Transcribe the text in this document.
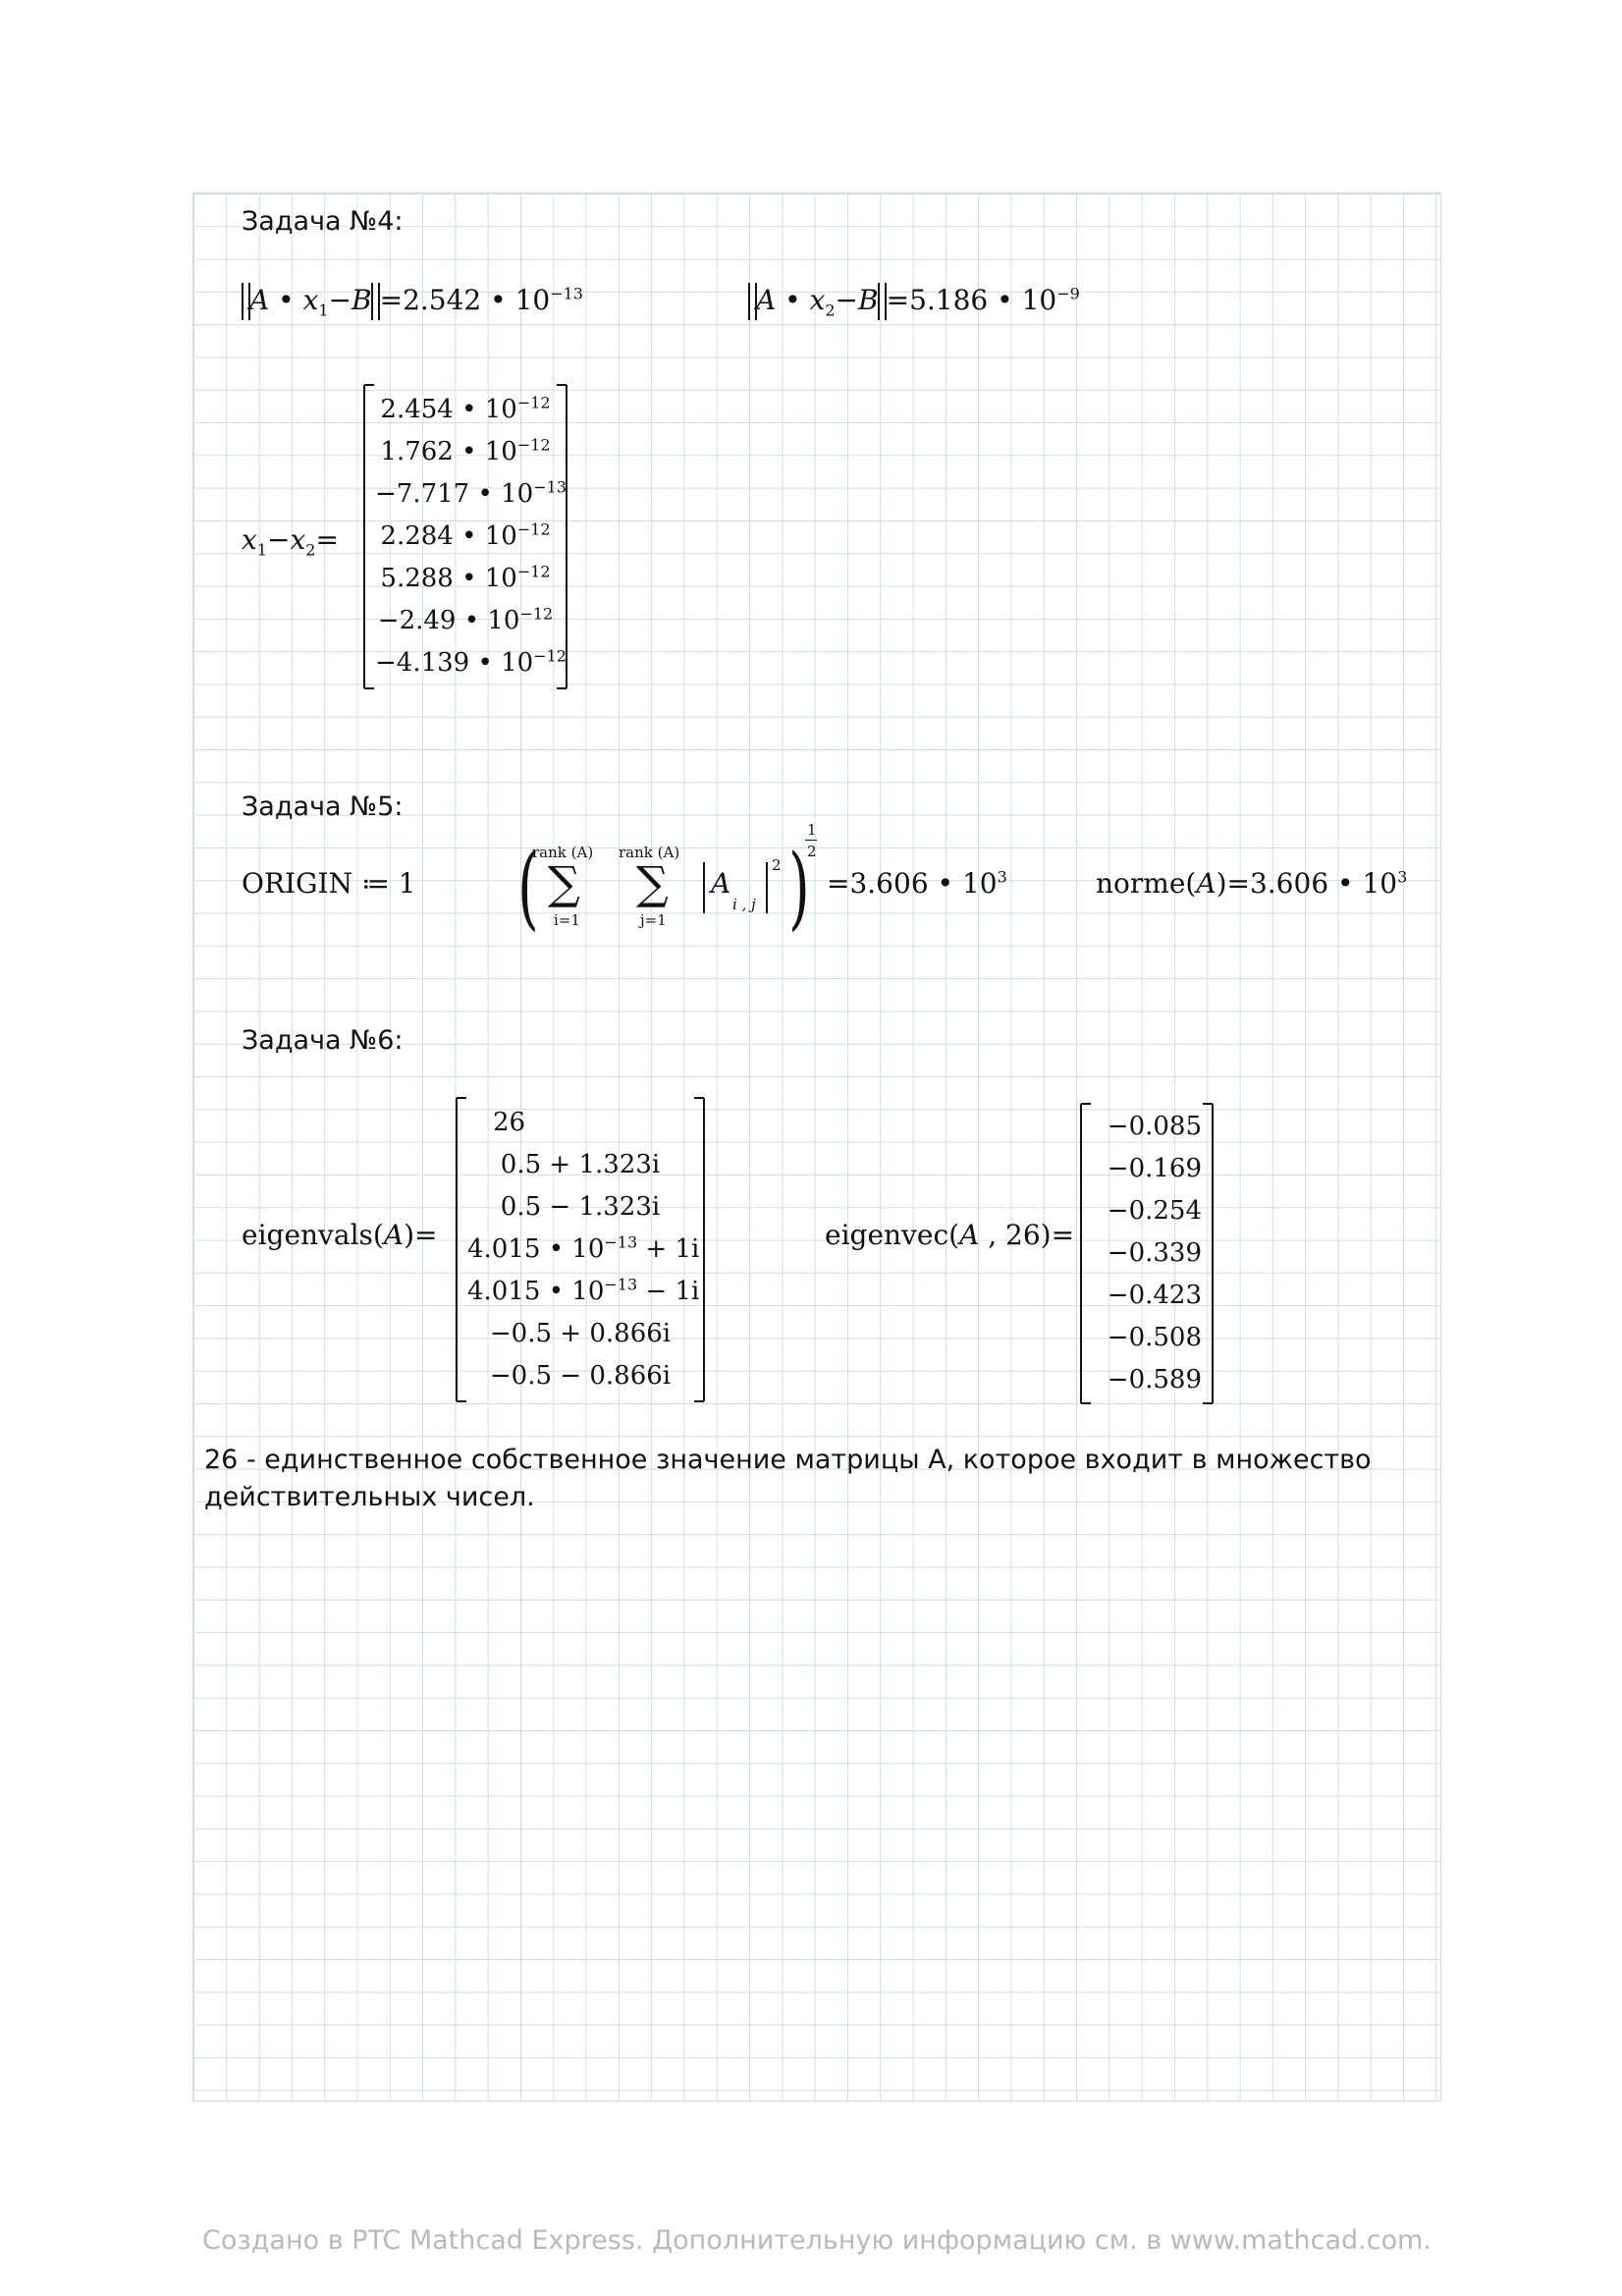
Задача №4:
A • $x_1-B =2.542$ • $10^{-13}$	A • $x_2-B =5.186$ • $10^{-9}$
$x_1-x_2=$
2.454 • $10^{-12}$
1.762 • $10^{-12}$
−7.717 • $10^{-13}$
2.284 • $10^{-12}$
5.288 • $10^{-12}$
−2.49 • $10^{-12}$
−4.139 • $10^{-12}$
Задача №5:
ORIGIN ≔ 1 (
rank (A)
∑
i=1
rank (A)
∑
j=1
A
i , j
2 )
1
2
=3.606 • $10^3$	norme(A)=3.606 • $10^3$
Задача №6:
eigenvals(A)=
26
0.5 + 1.323i
0.5 − 1.323i
4.015 • $10^{-13} + 1i$
4.015 • $10^{-13} - 1i$
−0.5 + 0.866i
−0.5 − 0.866i
eigenvec(A , 26)=
−0.085
−0.169
−0.254
−0.339
−0.423
−0.508
−0.589
26 - единственное собственное значение матрицы А, которое входит в множество
действительных чисел.
Создано в PTC Mathcad Express. Дополнительную информацию см. в www.mathcad.com.
